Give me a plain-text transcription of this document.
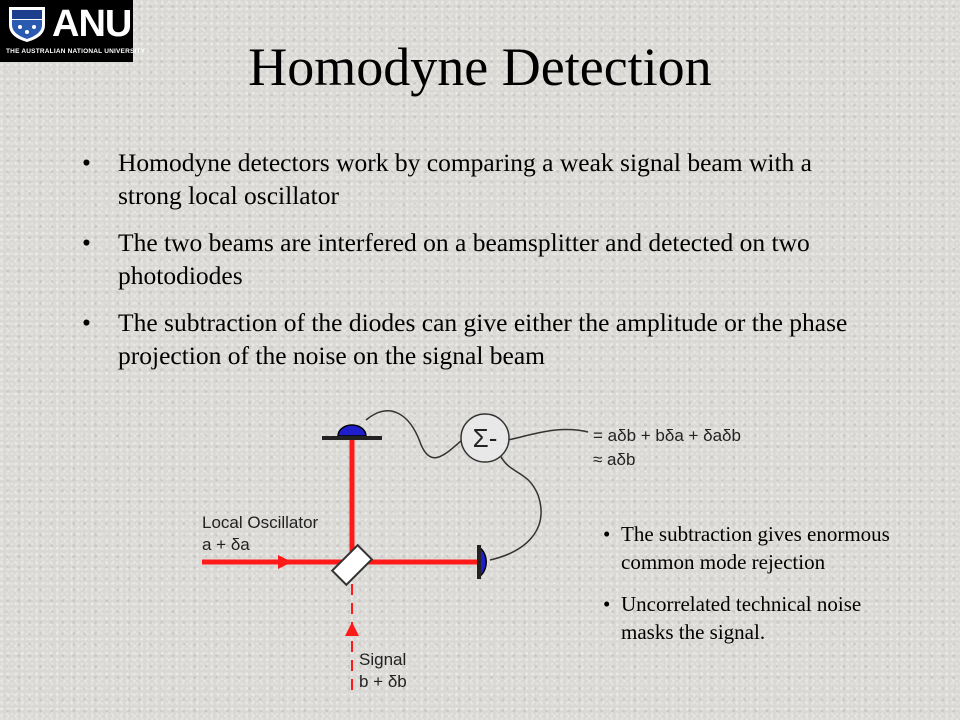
ANU
THE AUSTRALIAN NATIONAL UNIVERSITY	Homodyne Detection
• Homodyne detectors work by comparing a weak signal beam with a strong local oscillator
• The two beams are interfered on a beamsplitter and detected on two photodiodes
• The subtraction of the diodes can give either the amplitude or the phase projection of the noise on the signal beam
Σ-	= aδb + bδa + δaδb
≈ aδb
Local Oscillator
a + δa
Signal
b + δb
• The subtraction gives enormous common mode rejection
• Uncorrelated technical noise masks the signal.
